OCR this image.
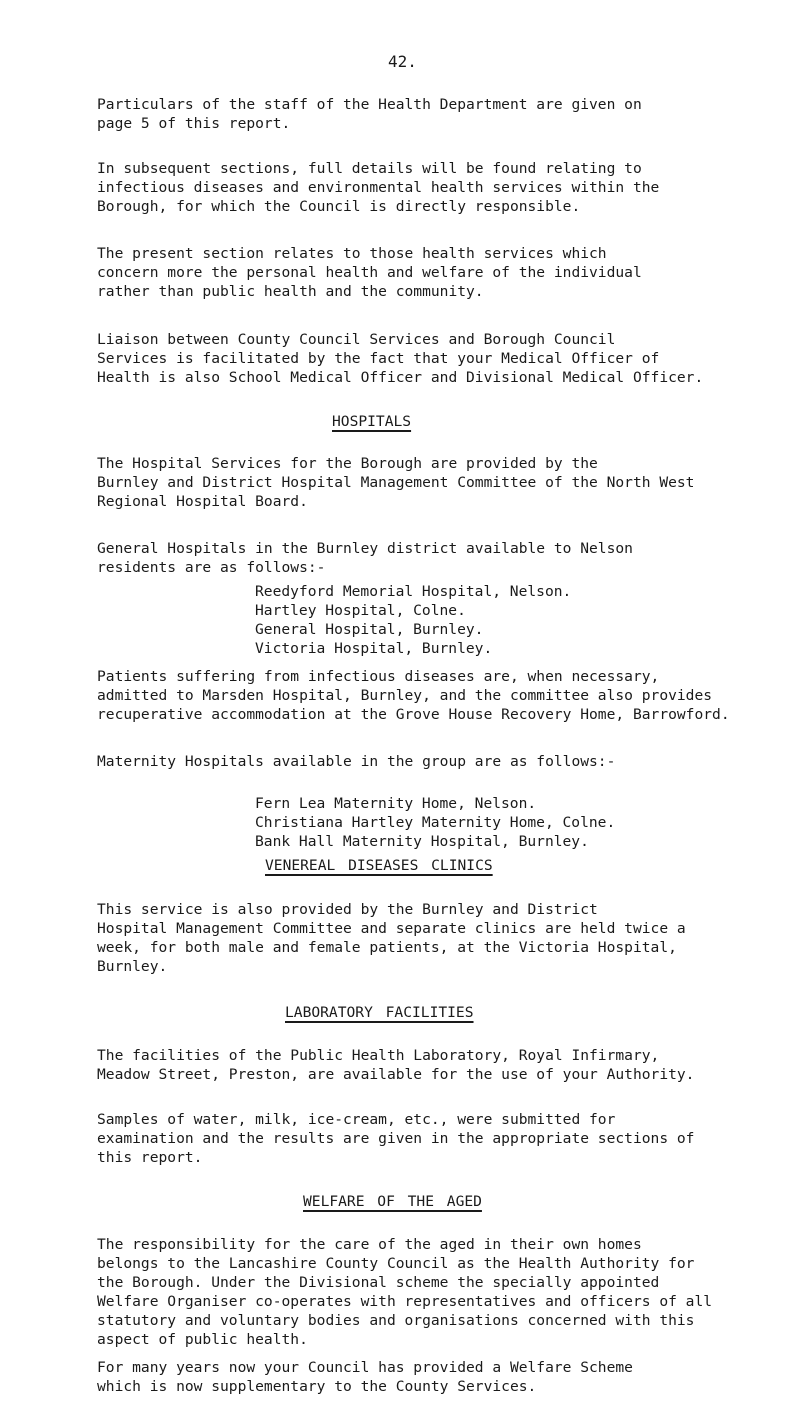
42.

Particulars of the staff of the Health Department are given on
page 5 of this report.

In subsequent sections, full details will be found relating to
infectious diseases and environmental health services within the
Borough, for which the Council is directly responsible.

The present section relates to those health services which
concern more the personal health and welfare of the individual
rather than public health and the community.

Liaison between County Council Services and Borough Council
Services is facilitated by the fact that your Medical Officer of
Health is also School Medical Officer and Divisional Medical Officer.

HOSPITALS

The Hospital Services for the Borough are provided by the
Burnley and District Hospital Management Committee of the North West
Regional Hospital Board.

General Hospitals in the Burnley district available to Nelson
residents are as follows:-

Reedyford Memorial Hospital, Nelson.
Hartley Hospital, Colne.
General Hospital, Burnley.
Victoria Hospital, Burnley.

Patients suffering from infectious diseases are, when necessary,
admitted to Marsden Hospital, Burnley, and the committee also provides
recuperative accommodation at the Grove House Recovery Home, Barrowford.

Maternity Hospitals available in the group are as follows:-

Fern Lea Maternity Home, Nelson.
Christiana Hartley Maternity Home, Colne.
Bank Hall Maternity Hospital, Burnley.
VENEREAL DISEASES CLINICS

This service is also provided by the Burnley and District
Hospital Management Committee and separate clinics are held twice a
week, for both male and female patients, at the Victoria Hospital,
Burnley.

LABORATORY FACILITIES

The facilities of the Public Health Laboratory, Royal Infirmary,
Meadow Street, Preston, are available for the use of your Authority.

Samples of water, milk, ice-cream, etc., were submitted for
examination and the results are given in the appropriate sections of
this report.

WELFARE OF THE AGED

The responsibility for the care of the aged in their own homes
belongs to the Lancashire County Council as the Health Authority for
the Borough. Under the Divisional scheme the specially appointed
Welfare Organiser co-operates with representatives and officers of all
statutory and voluntary bodies and organisations concerned with this
aspect of public health.

For many years now your Council has provided a Welfare Scheme
which is now supplementary to the County Services.
